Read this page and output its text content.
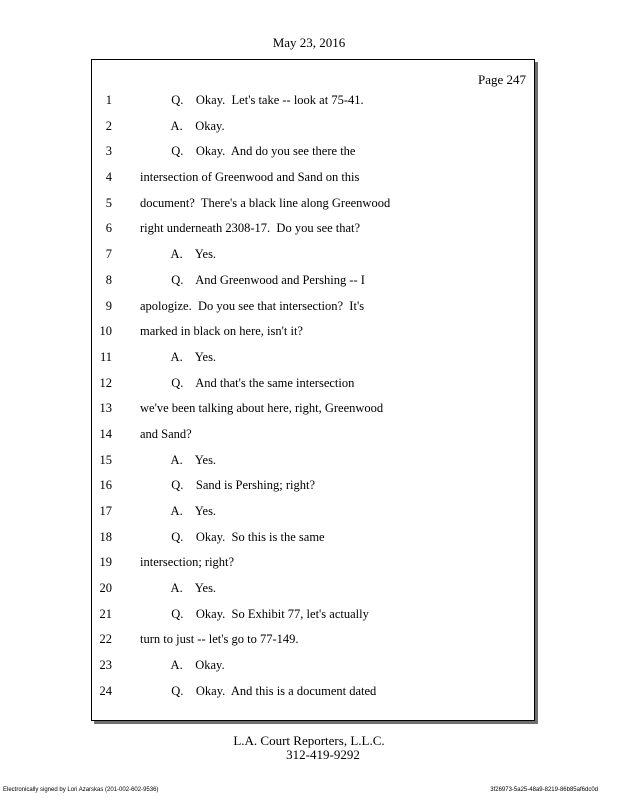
May 23, 2016
Page 247
1 Q.    Okay.  Let's take -- look at 75-41.
2 A.    Okay.
3 Q.    Okay.  And do you see there the
4 intersection of Greenwood and Sand on this
5 document?  There's a black line along Greenwood
6 right underneath 2308-17.  Do you see that?
7 A.    Yes.
8 Q.    And Greenwood and Pershing -- I
9 apologize.  Do you see that intersection?  It's
10 marked in black on here, isn't it?
11 A.    Yes.
12 Q.    And that's the same intersection
13 we've been talking about here, right, Greenwood
14 and Sand?
15 A.    Yes.
16 Q.    Sand is Pershing; right?
17 A.    Yes.
18 Q.    Okay.  So this is the same
19 intersection; right?
20 A.    Yes.
21 Q.    Okay.  So Exhibit 77, let's actually
22 turn to just -- let's go to 77-149.
23 A.    Okay.
24 Q.    Okay.  And this is a document dated
L.A. Court Reporters, L.L.C.
312-419-9292
Electronically signed by Lori Azarskas (201-002-602-9536)	3f26973-5a25-48a9-8219-86b85af6dc0d
